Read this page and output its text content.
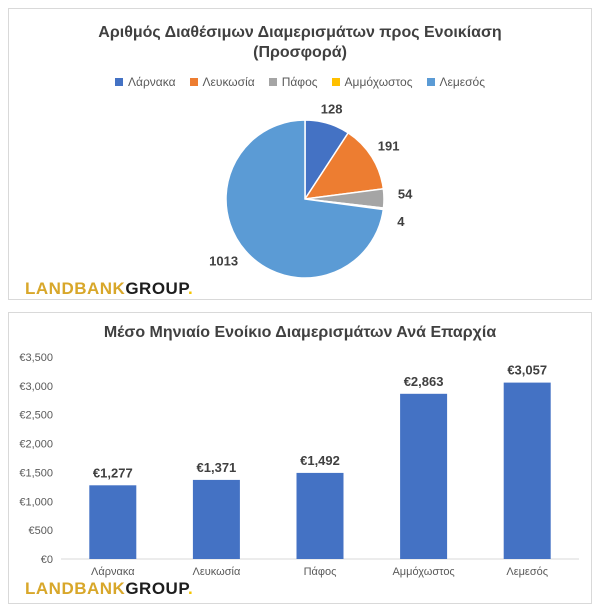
Αριθμός Διαθέσιμων Διαμερισμάτων προς Ενοικίαση
(Προσφορά)
Λάρνακα Λευκωσία Πάφος Αμμόχωστος Λεμεσός
128
191
54
4
1013
LANDBANKGROUP.
Μέσο Μηνιαίο Ενοίκιο Διαμερισμάτων Ανά Επαρχία
€0
€500
€1,000
€1,500
€2,000
€2,500
€3,000
€3,500
€1,277
Λάρνακα
€1,371
Λευκωσία
€1,492
Πάφος
€2,863
Αμμόχωστος
€3,057
Λεμεσός
LANDBANKGROUP.
